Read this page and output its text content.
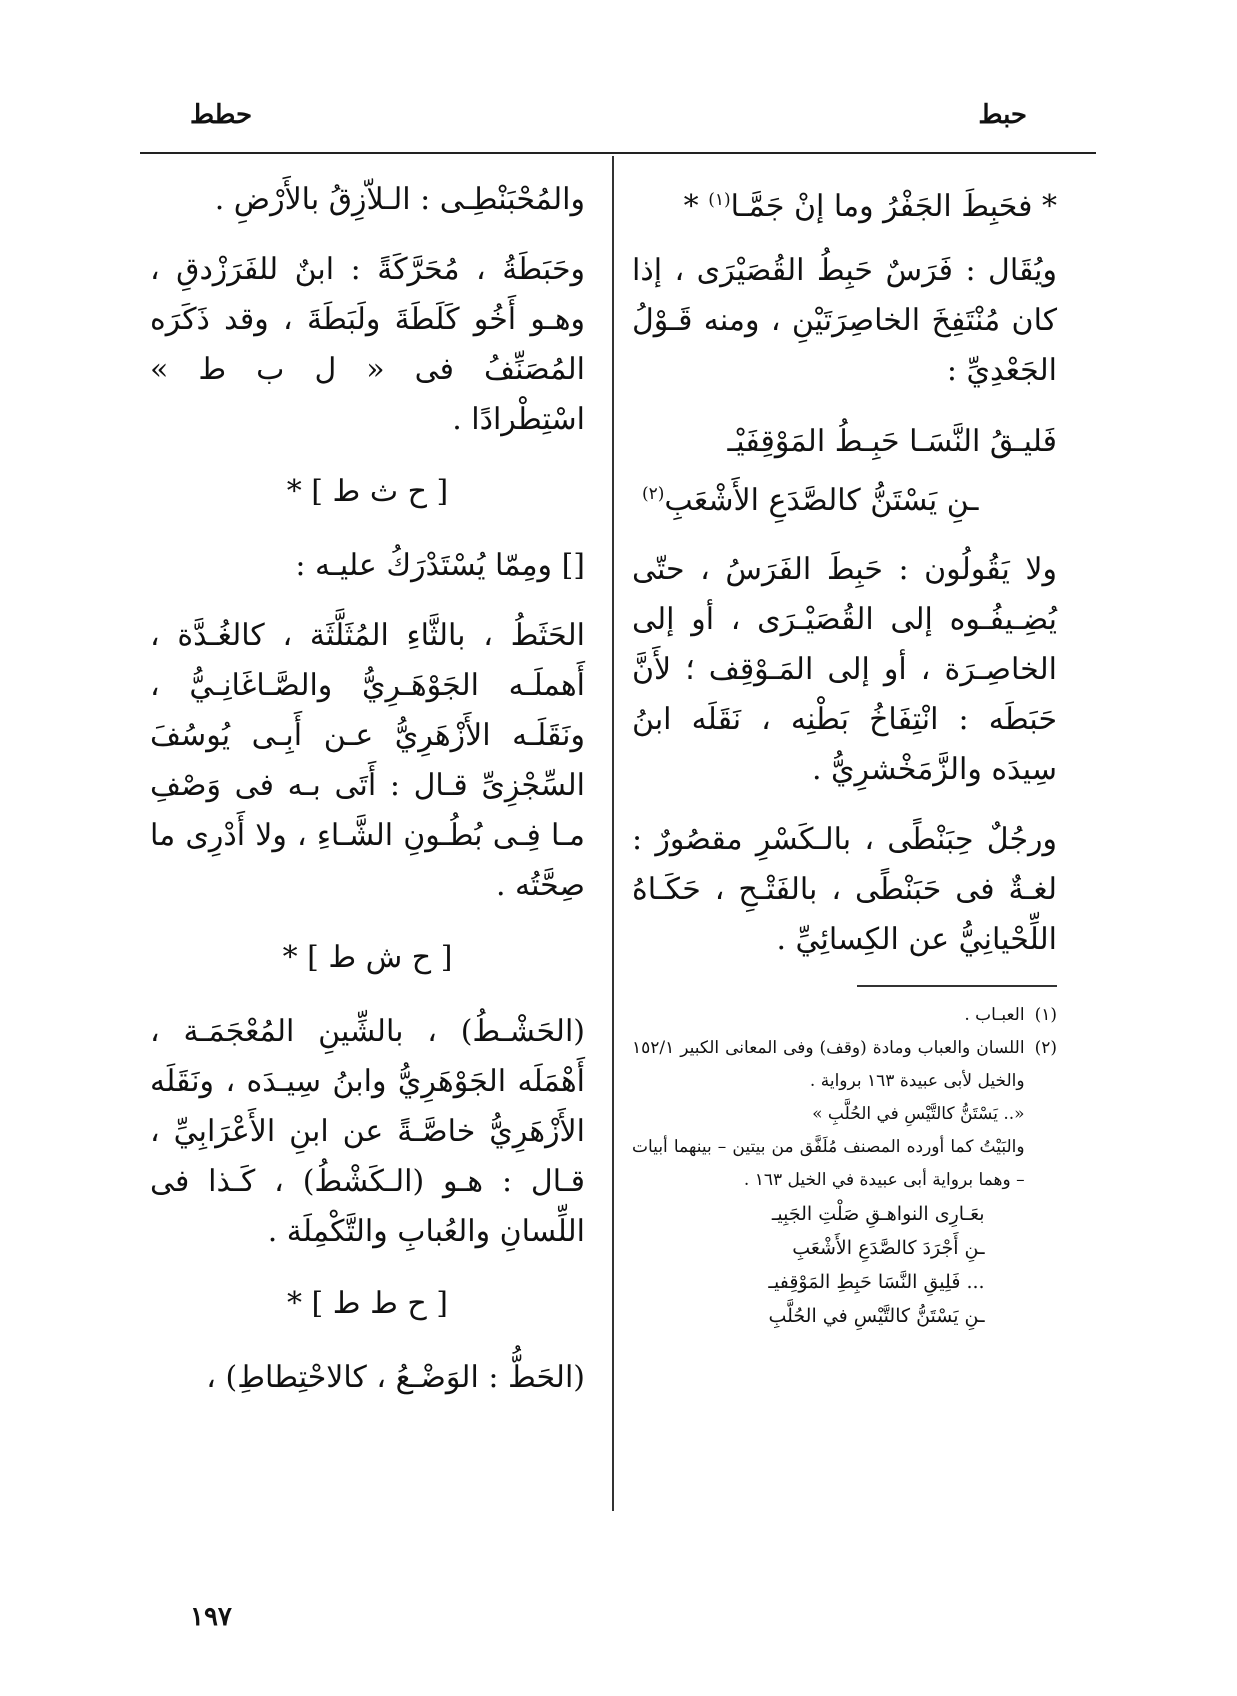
حبط
حطط

* فحَبِطَ الجَفْرُ وما إنْ جَمَّـا$^{(١)}$ *

ويُقَال : فَرَسٌ حَبِطُ القُصَيْرَى ، إذا كان مُنْتَفِخَ الخاصِرَتَيْنِ ، ومنه قَـوْلُ الجَعْدِيِّ :

فَليـقُ النَّسَـا حَبِـطُ المَوْقِفَيْـ
ـنِ يَسْتَنُّ كالصَّدَعِ الأَشْعَبِ$^{(٢)}$

ولا يَقُولُون : حَبِطَ الفَرَسُ ، حتّى يُضِـيفُـوه إلى القُصَيْـرَى ، أو إلى الخاصِـرَة ، أو إلى المَـوْقِف ؛ لأَنَّ حَبَطَه : انْتِفَاخُ بَطْنِه ، نَقَلَه ابنُ سِيدَه والزَّمَخْشرِيُّ .

ورجُلٌ حِبَنْطًى ، بالـكَسْرِ مقصُورٌ : لغـةٌ فى حَبَنْطًى ، بالفَتْـحِ ، حَكَـاهُ اللِّحْيانِيُّ عن الكِسائِيِّ .

(١)
العبـاب .
(٢)
اللسان والعباب ومادة (وقف) وفى المعانى الكبير ١٥٢/١ والخيل لأبى عبيدة ١٦٣ برواية .
«.. يَسْتَنُّ كالتَّيْسِ في الحُلَّبِ »
والبَيْتُ كما أورده المصنف مُلَفَّق من بيتين – بينهما أبيات – وهما برواية أبى عبيدة في الخيل ١٦٣ .
بعَـارِى النواهـقِ صَلْتِ الجَبِيـ
ـنِ أَجْرَدَ كالصَّدَعِ الأَشْعَبِ
... فَلِيقِ النَّسَا حَبِطِ المَوْقِفيـ
ـنِ يَسْتَنُّ كالتَّيْسِ في الحُلَّبِ

والمُحْبَنْطِـى : الـلاّزِقُ بالأَرْضِ .

وحَبَطَةُ ، مُحَرَّكَةً : ابنٌ للفَرَزْدقِ ، وهـو أَخُو كَلَطَةَ ولَبَطَةَ ، وقد ذَكَرَه المُصَنِّفُ فى « ل ب ط » اسْتِطْرادًا .

[ ح ث ط ] *

[] ومِمّا يُسْتَدْرَكُ عليـه :

الحَثَطُ ، بالثَّاءِ المُثَلَّثَة ، كالغُـدَّة ، أَهملَـه الجَوْهَـرِيُّ والصَّـاغَانِـيُّ ، ونَقَلَـه الأَزْهَرِيُّ عـن أَبِـى يُوسُفَ السِّجْزِىِّ قـال : أَتَى بـه فى وَصْفِ مـا فِـى بُطُـونِ الشَّـاءِ ، ولا أَدْرِى ما صِحَّتُه .

[ ح ش ط ] *

(الحَشْـطُ) ، بالشِّينِ المُعْجَمَـة ، أَهْمَلَه الجَوْهَرِيُّ وابنُ سِيـدَه ، ونَقَلَه الأَزْهَرِيُّ خاصَّـةً عن ابنِ الأَعْرَابِيِّ ، قـال : هـو (الـكَشْطُ) ، كَـذا فى اللِّسانِ والعُبابِ والتَّكْمِلَة .

[ ح ط ط ] *

(الحَطُّ : الوَضْـعُ ، كالاحْتِطاطِ) ،

١٩٧
